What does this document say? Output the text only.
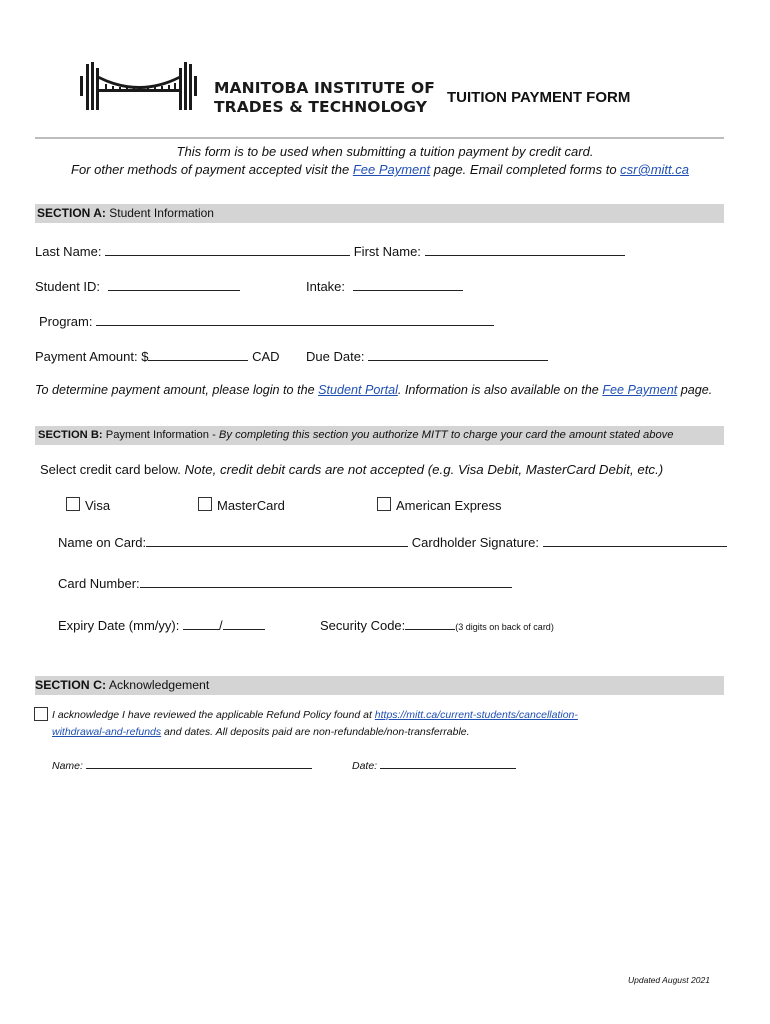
MANITOBA INSTITUTE OF
TRADES & TECHNOLOGY
TUITION PAYMENT FORM
This form is to be used when submitting a tuition payment by credit card.
For other methods of payment accepted visit the Fee Payment page. Email completed forms to csr@mitt.ca
SECTION A: Student Information
Last Name:	First Name:
Student ID:	Intake:
Program:
Payment Amount: $	CAD Due Date:
To determine payment amount, please login to the Student Portal. Information is also available on the Fee Payment page.
SECTION B: Payment Information - By completing this section you authorize MITT to charge your card the amount stated above
Select credit card below. Note, credit debit cards are not accepted (e.g. Visa Debit, MasterCard Debit, etc.)
Visa	MasterCard	American Express
Name on Card:	Cardholder Signature:
Card Number:
Expiry Date (mm/yy):	/	Security Code:	(3 digits on back of card)
SECTION C: Acknowledgement
I acknowledge I have reviewed the applicable Refund Policy found at https://mitt.ca/current-students/cancellation-
withdrawal-and-refunds and dates. All deposits paid are non-refundable/non-transferrable.
Name:	Date:
Updated August 2021
